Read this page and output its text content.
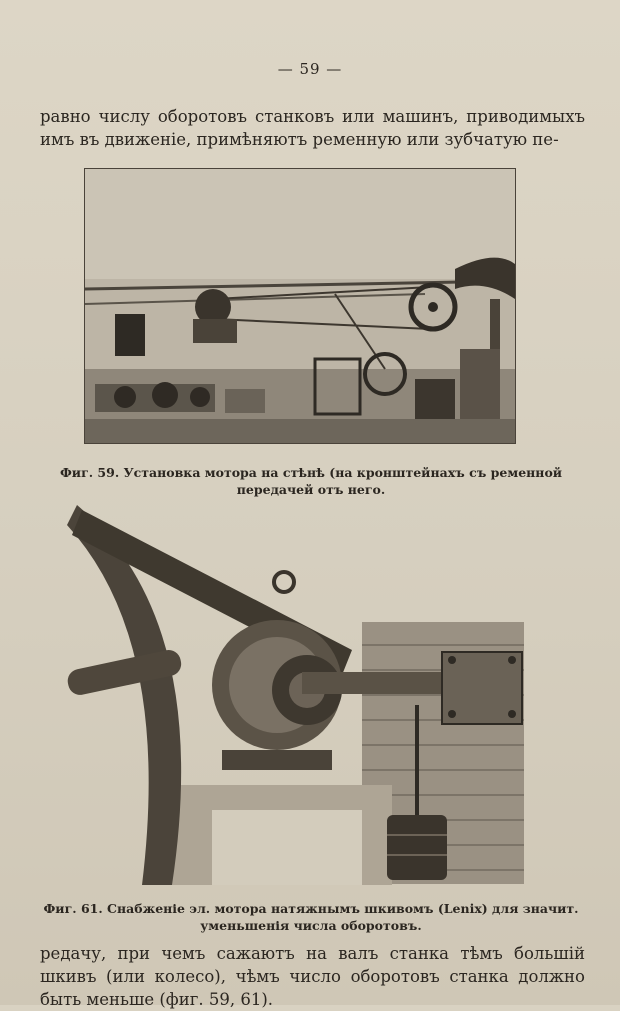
— 59 —
равно числу оборотовъ станковъ или машинъ, приводимыхъ имъ въ движеніе, примѣняютъ ременную или зубчатую пе-
Фиг. 59. Установка мотора на стѣнѣ (на кронштейнахъ съ ременной передачей отъ него.
Фиг. 61. Снабженіе эл. мотора натяжнымъ шкивомъ (Lenix) для значит. уменьшенія числа оборотовъ.
редачу, при чемъ сажаютъ на валъ станка тѣмъ большій шкивъ (или колесо), чѣмъ число оборотовъ станка должно быть меньше (фиг. 59, 61).
